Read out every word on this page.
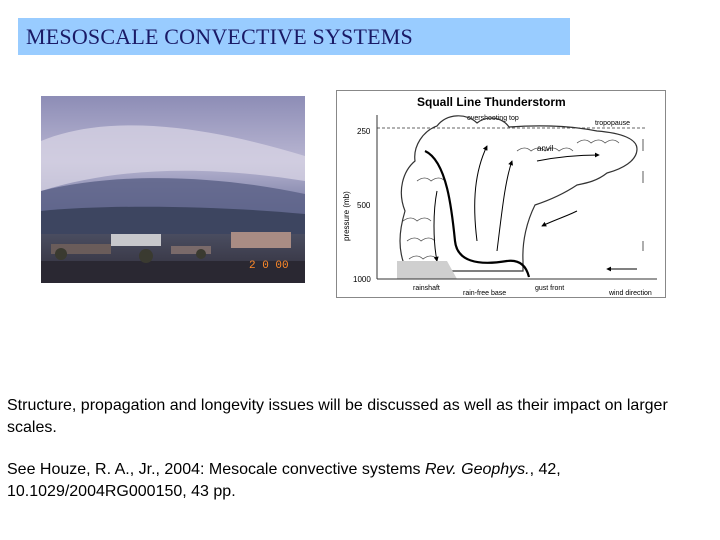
MESOSCALE CONVECTIVE SYSTEMS
2 0 00
Squall Line Thunderstorm
250
500
1000
pressure (mb)
tropopause
overshooting top
anvil
rainshaft
rain-free base
gust front
wind direction
Structure, propagation and longevity issues will be discussed as well as their impact on larger scales.
See Houze, R. A., Jr., 2004: Mesocale convective systems Rev. Geophys., 42, 10.1029/2004RG000150, 43 pp.
